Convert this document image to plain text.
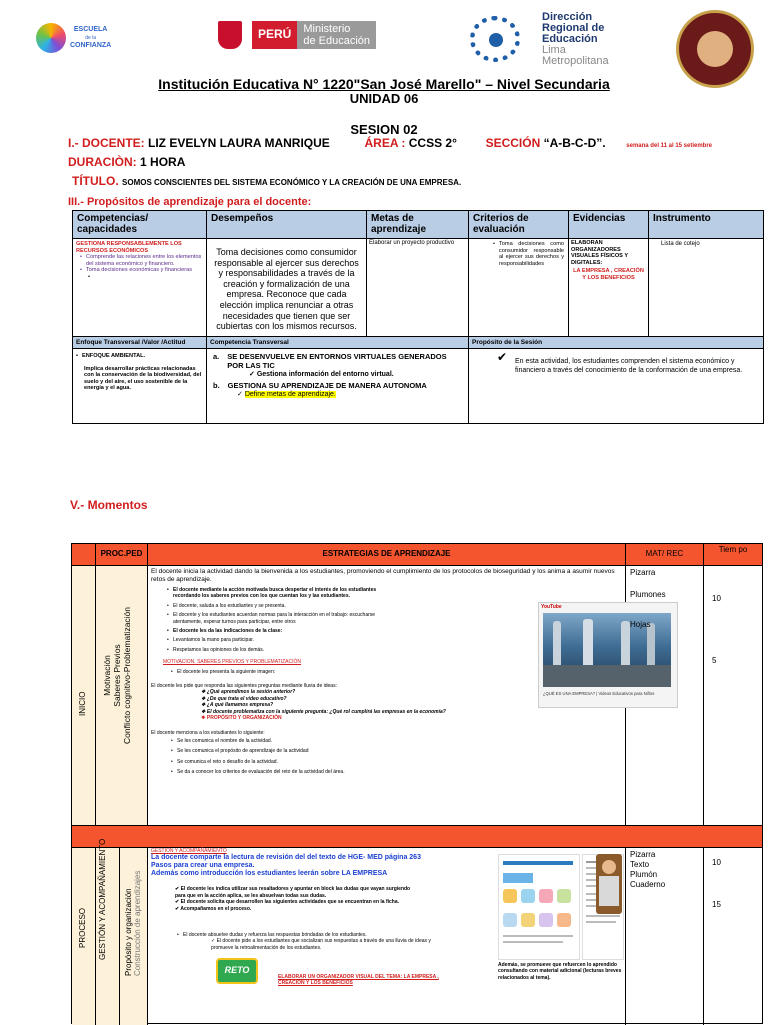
ESCUELA
de la
CONFIANZA
PERÚ	Ministerio
de Educación
Dirección
Regional de
Educación
Lima
Metropolitana
Institución Educativa N° 1220"San José Marello" – Nivel Secundaria
UNIDAD 06
SESION 02
I.- DOCENTE: LIZ EVELYN LAURA MANRIQUE	ÁREA : CCSS 2° SECCIÓN “A-B-C-D”.	semana del 11 al 15 setiembre
DURACIÒN: 1 HORA
TÍTULO. SOMOS CONSCIENTES DEL SISTEMA ECONÓMICO Y LA CREACIÓN DE UNA EMPRESA.
III.- Propósitos de aprendizaje para el docente:
Competencias/ capacidades
Desempeños	Metas de aprendizaje
Criterios de evaluación
Evidencias	Instrumento
GESTIONA RESPONSABLEMENTE LOS RECURSOS ECONÓMICOS
• Comprende las relaciones entre los elementos del sistema económico y financiero.
• Toma decisiones económicas y financieras
•
Toma decisiones como consumidor responsable al ejercer sus derechos y responsabilidades a través de la creación y formalización de una empresa. Reconoce que cada elección implica renunciar a otras necesidades que tienen que ser cubiertas con los mismos recursos.
Elaborar un proyecto productivo
•	Toma decisiones como consumidor responsable al ejercer sus derechos y responsabilidades
ELABORAN ORGANIZADORES VISUALES FÍSICOS Y DIGITALES:
LA EMPRESA , CREACIÓN Y LOS BENEFICIOS
Lista de cotejo
Enfoque Transversal /Valor /Actitud	Competencia Transversal	Propósito de la Sesión
• ENFOQUE AMBIENTAL.
Implica desarrollar prácticas relacionadas con la conservación de la biodiversidad, del suelo y del aire, el uso sostenible de la energía y el agua.
a. SE DESENVUELVE EN ENTORNOS VIRTUALES GENERADOS POR LAS TIC
✓ Gestiona información del entorno virtual.
b. GESTIONA SU APRENDIZAJE DE MANERA AUTONOMA
✓ Define metas de aprendizaje.
✔	En esta actividad, los estudiantes comprenden el sistema económico y financiero a través del conocimiento de la conformación de una empresa.
V.- Momentos
PROC.PED	ESTRATEGIAS DE APRENDIZAJE	MAT/ REC	Tiem po
INICIO
Motivación Saberes Previos Conflicto cognitivo-Problematización
El docente inicia la actividad dando la bienvenida a los estudiantes, promoviendo el cumplimiento de los protocolos de bioseguridad y los anima a asumir nuevos retos de aprendizaje.
• El docente mediante la acción motivada busca despertar el interés de los estudiantes recordando los saberes previos con los que cuentan los y las estudiantes.
• El docente, saluda a los estudiantes y se presenta.
• El docente y los estudiantes acuerdan normas para la interacción en el trabajo: escucharse atentamente, esperar turnos para participar, entre otros
• El docente les da las indicaciones de la clase:
• Levantamos la mano para participar.
• Respetamos las opiniones de los demás.
MOTIVACION, SABERES PREVIOS Y PROBLEMATIZACIÓN
• El docente les presenta la siguiente imagen:
El docente les pide que responda las siguientes preguntas mediante lluvia de ideas:
❖ ¿Qué aprendimos la sesión anterior?
❖ ¿De que trata el video educativo?
❖ ¿A qué llamamos empresa?
❖ El docente problematiza con la siguiente pregunta: ¿Qué rol cumplirá las empresas en la economía?
❖ PROPÓSITO Y ORGANIZACIÓN
El docente menciona a los estudiantes lo siguiente:
• Se les comunica el nombre de la actividad.
• Se les comunica el propósito de aprendizaje de la actividad
• Se comunica el reto o desafío de la actividad.
• Se da a conocer los criterios de evaluación del reto de la actividad del área.
YouTube
¿QUÉ ES UNA EMPRESA? | Videos Educativos para Niños
Pizarra
Plumones
Hojas
10
5
PROCESO GESTIÓN Y ACOMPAÑAMIENTO Propósito y organización Construcción de aprendizajes
GESTIÓN Y ACOMPAÑAMIENTO
La docente comparte la lectura de revisión del del texto de HGE- MED página 263 Pasos para crear una empresa.
Además como introducción los estudiantes leerán sobre LA EMPRESA
✔ El docente les indica utilizar sus resaltadores y apuntar en block las dudas que vayan surgiendo para que en la acción aplica, se les absuelvan todas sus dudas.
✔ El docente solicita que desarrollen las siguientes actividades que se encuentran en la ficha.
✔ Acompañamos en el proceso.
• El docente absuelve dudas y refuerza las respuestas brindadas de los estudiantes.
✓ El docente pide a los estudiantes que socializan sus respuestas a través de una lluvia de ideas y promueve la retroalimentación de los estudiantes.
RETO
ELABORAR UN ORGANIZADOR VISUAL DEL TEMA: LA EMPRESA , CREACIÓN Y LOS BENEFICIOS
Además, se promueve que refuercen lo aprendido consultando con material adicional (lecturas breves relacionados al tema).
Pizarra
Texto
Plumón
Cuaderno
10
15
